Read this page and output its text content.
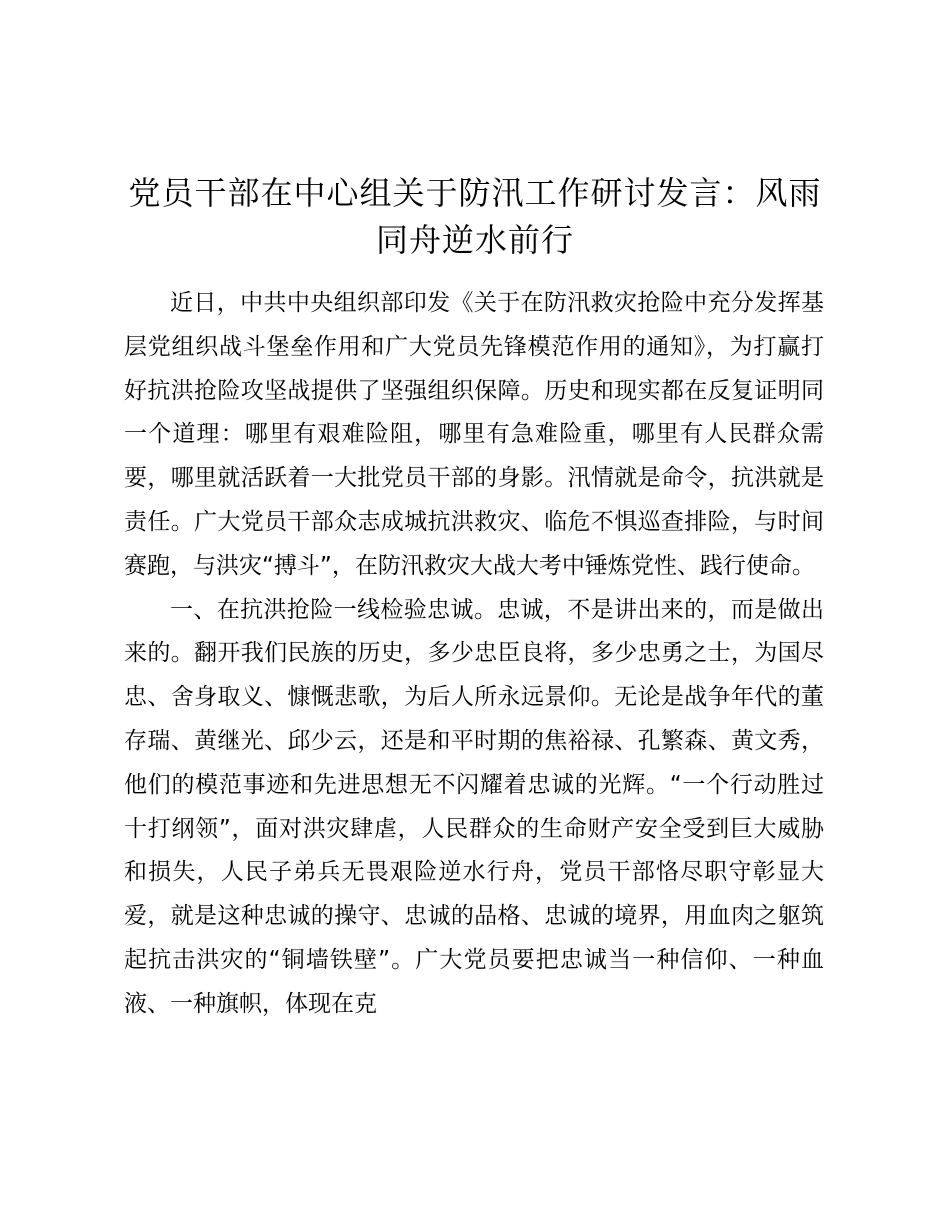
党员干部在中心组关于防汛工作研讨发言：风雨同舟逆水前行

近日，中共中央组织部印发《关于在防汛救灾抢险中充分发挥基层党组织战斗堡垒作用和广大党员先锋模范作用的通知》，为打赢打好抗洪抢险攻坚战提供了坚强组织保障。历史和现实都在反复证明同一个道理：哪里有艰难险阻，哪里有急难险重，哪里有人民群众需要，哪里就活跃着一大批党员干部的身影。汛情就是命令，抗洪就是责任。广大党员干部众志成城抗洪救灾、临危不惧巡查排险，与时间赛跑，与洪灾“搏斗”，在防汛救灾大战大考中锤炼党性、践行使命。

一、在抗洪抢险一线检验忠诚。忠诚，不是讲出来的，而是做出来的。翻开我们民族的历史，多少忠臣良将，多少忠勇之士，为国尽忠、舍身取义、慷慨悲歌，为后人所永远景仰。无论是战争年代的董存瑞、黄继光、邱少云，还是和平时期的焦裕禄、孔繁森、黄文秀，他们的模范事迹和先进思想无不闪耀着忠诚的光辉。“一个行动胜过十打纲领”，面对洪灾肆虐，人民群众的生命财产安全受到巨大威胁和损失，人民子弟兵无畏艰险逆水行舟，党员干部恪尽职守彰显大爱，就是这种忠诚的操守、忠诚的品格、忠诚的境界，用血肉之躯筑起抗击洪灾的“铜墙铁壁”。广大党员要把忠诚当一种信仰、一种血液、一种旗帜，体现在克
